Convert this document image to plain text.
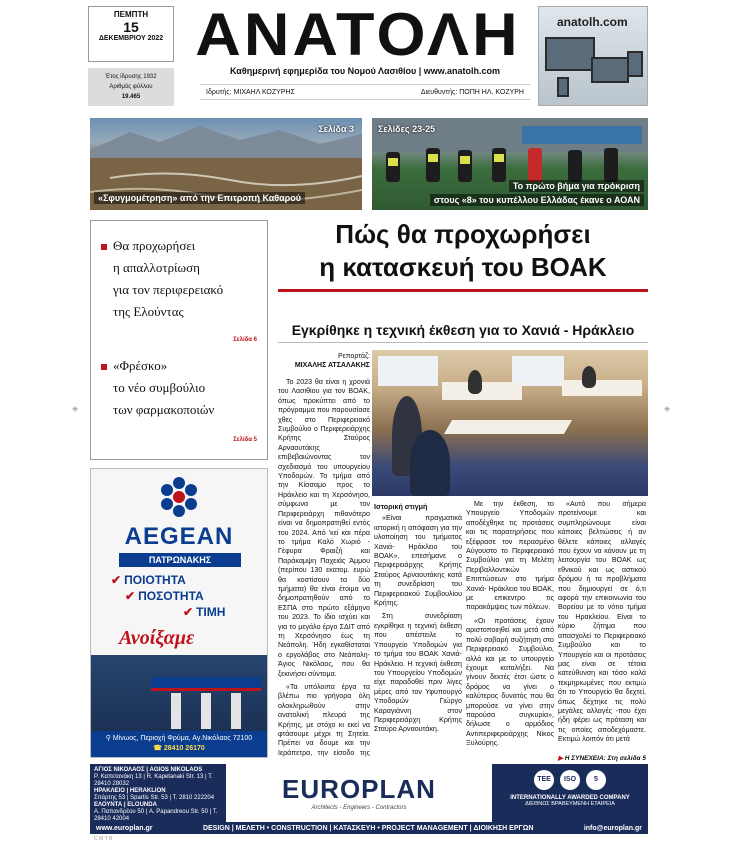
ΠΕΜΠΤΗ
15
ΔΕΚΕΜΒΡΙΟΥ 2022
Έτος ίδρυσης 1932
Αριθμός φύλλου
19.465
ΑΝΑΤΟΛΗ
Καθημερινή εφημερίδα του Νομού Λασιθίου | www.anatolh.com
Ιδρυτής: ΜΙΧΑΗΛ ΚΟΖΥΡΗΣ	Διευθυντής: ΠΟΠΗ ΗΛ. ΚΟΖΥΡΗ
anatolh.com
Σελίδα 3
«Σφυγμομέτρηση» από την Επιτροπή Καθαρού
Σελίδες 23-25
Το πρώτο βήμα για πρόκριση
στους «8» του κυπέλλου Ελλάδας έκανε ο ΑΟΑΝ
Θα προχωρήσει
η απαλλοτρίωση
για τον περιφερειακό
της Ελούντας
Σελίδα 6
«Φρέσκο»
το νέο συμβούλιο
των φαρμακοποιών
Σελίδα 5
AEGEAN
ΠΑΤΡΩΝΑΚΗΣ
✔ ΠΟΙΟΤΗΤΑ
✔ ΠΟΣΟΤΗΤΑ
✔ ΤΙΜΗ
Ανοίξαμε
⚲ Μίνωος, Περιοχή Φρύμα, Αγ.Νικόλαος 72100
☎ 28410 26170
Πώς θα προχωρήσει
η κατασκευή του ΒΟΑΚ
Εγκρίθηκε η τεχνική έκθεση για το Χανιά - Ηράκλειο
Ρεπορτάζ:
ΜΙΧΑΛΗΣ ΑΤΣΑΛΑΚΗΣ

Το 2023 θα είναι η χρονιά του Λασιθίου για τον ΒΟΑΚ, όπως προκύπτει από το πρόγραμμα που παρουσίασε χθες στο Περιφερειακό Συμβούλιο ο Περιφερειάρχης Κρήτης Σταύρος Αρναουτάκης επιβεβαιώνοντας τον σχεδιασμό του υπουργείου Υποδομών. Το τμήμα από την Κίσσαμο προς το Ηράκλειο και τη Χερσόνησο, σύμφωνα με τον Περιφερειάρχη πιθανότερο είναι να δημοπρατηθεί εντός του 2024. Από 'κεί και πέρα το τμήμα Καλό Χωριό - Γέφυρα Φραιζή και Παράκαμψη Παχειάς Άμμου (περίπου 130 εκατομ. ευρώ θα κοστίσουν τα δύο τμήματα) θα είναι έτοιμα να δημοπρατηθούν από το ΕΣΠΑ στο πρώτο εξάμηνο του 2023. Το ίδιο ισχύει και για το μεγάλο έργο ΣΔΙΤ από τη Χερσόνησο έως τη Νεάπολη. Ήδη εγκαθίσταται ο εργολάβος στο Νεάπολη-Άγιος Νικόλαος, που θα ξεκινήσει σύντομα.

«Τα υπόλοιπα έργα τα βλέπω πιο γρήγορα όλη ολοκληρωθούν στην ανατολική πλευρά της Κρήτης, με στόχο κι εκεί να φτάσουμε μέχρι τη Σητεία. Πρέπει να δουμε και την Ιεράπετρα, την είσοδο της

Ιστορική στιγμή

«Είναι πραγματικά ιστορική η απόφαση για την υλοποίηση του τμήματος Χανιά- Ηράκλειο του ΒΟΑΚ», επεσήμανε ο Περιφερειάρχης Κρήτης Σταύρος Αρναουτάκης κατά τη συνεδρίαση του Περιφερειακού Συμβουλίου Κρήτης.

Στη συνεδρίαση εγκρίθηκε η τεχνική έκθεση που απέστειλε το Υπουργείο Υποδομών για το τμήμα του ΒΟΑΚ Χανιά- Ηράκλειο. Η τεχνική έκθεση του Υπουργείου Υποδομών είχε παραδοθεί πριν λίγες μέρες από τον Υφυπουργό Υποδομών Γιώργο Καραγιάννη στον Περιφερειάρχη Κρήτης Σταύρο Αρναουτάκη.

Με την έκθεση, το Υπουργείο Υποδομών αποδέχθηκε τις προτάσεις και τις παρατηρήσεις που εξέφρασε τον περασμένο Αύγουστο το Περιφερειακό Συμβούλιο για τη Μελέτη Περιβαλλοντικών Επιπτώσεων στο τμήμα Χανιά- Ηράκλειο του ΒΟΑΚ, με επικεντρο τις παρακάμψεις των πόλεων.

«Οι προτάσεις έχουν αριστοποιηθεί και μετά από πολύ σοβαρή συζήτηση στο Περιφερειακό Συμβούλιο, αλλά και με το υπουργείο έχουμε καταλήξει. Να γίνουν δεκτές έτσι ώστε ο δρόμος να γίνει ο καλύτερος δυνατός που θα μπορούσε να γίνει στην παρούσα συγκυρία», δήλωσε ο αρμόδιος Αντιπεριφερειάρχης Νίκος Ξυλούρης.

«Αυτό που σήμερα προτείνουμε και συμπληρώνουμε είναι κάποιες βελτιώσεις ή αν θέλετε κάποιες αλλαγές που έχουν να κάνουν με τη λειτουργία του ΒΟΑΚ ως εθνικού και ως αστικού δρόμου ή τα προβλήματα που δημιουργεί σε ό,τι αφορά την επικοινωνία του Βορείου με το νότιο τμήμα του Ηρακλείου. Είναι το κύριο ζήτημα που απασχολεί το Περιφερειακό Συμβούλιο και το Υπουργείο και οι προτάσεις μας είναι σε τέτοια κατεύθυνση και τόσο καλά τεκμηριωμένες που εκτιμώ ότι το Υπουργείο θα δεχτεί, όπως δέχτηκε τις πολύ μεγάλες αλλαγές -που έχει ήδη φέρει ως πρόταση και τις οποίες αποδεχόμαστε. Εκτιμώ λοιπόν ότι μετά

▶ Η ΣΥΝΕΧΕΙΑ: Στη σελίδα 5
ΑΓΙΟΣ ΝΙΚΟΛΑΟΣ | AGIOS NIKOLAOS
Ρ. Καπετανάκη 13 | R. Kapetanaki Str. 13 | Τ. 28410 28032
ΗΡΑΚΛΕΙΟ | HERAKLION
Σπάρτης 53 | Spartis Str. 53 | Τ. 2810 222204
ΕΛΟΥΝΤΑ | ELOUNDA
Α. Παπανδρέου 50 | A. Papandreou Str. 50 | Τ. 28410 42004
EUROPLAN
Architects - Engineers - Contractors
ΤΕΕ	ISO	5
INTERNATIONALLY AWARDED COMPANY
ΔΙΕΘΝΩΣ ΒΡΑΒΕΥΜΕΝΗ ΕΤΑΙΡΕΙΑ
www.europlan.gr	DESIGN | ΜΕΛΕΤΗ • CONSTRUCTION | ΚΑΤΑΣΚΕΥΗ • PROJECT MANAGEMENT | ΔΙΟΙΚΗΣΗ ΕΡΓΩΝ	info@europlan.gr
C M Y B
◈	◈
